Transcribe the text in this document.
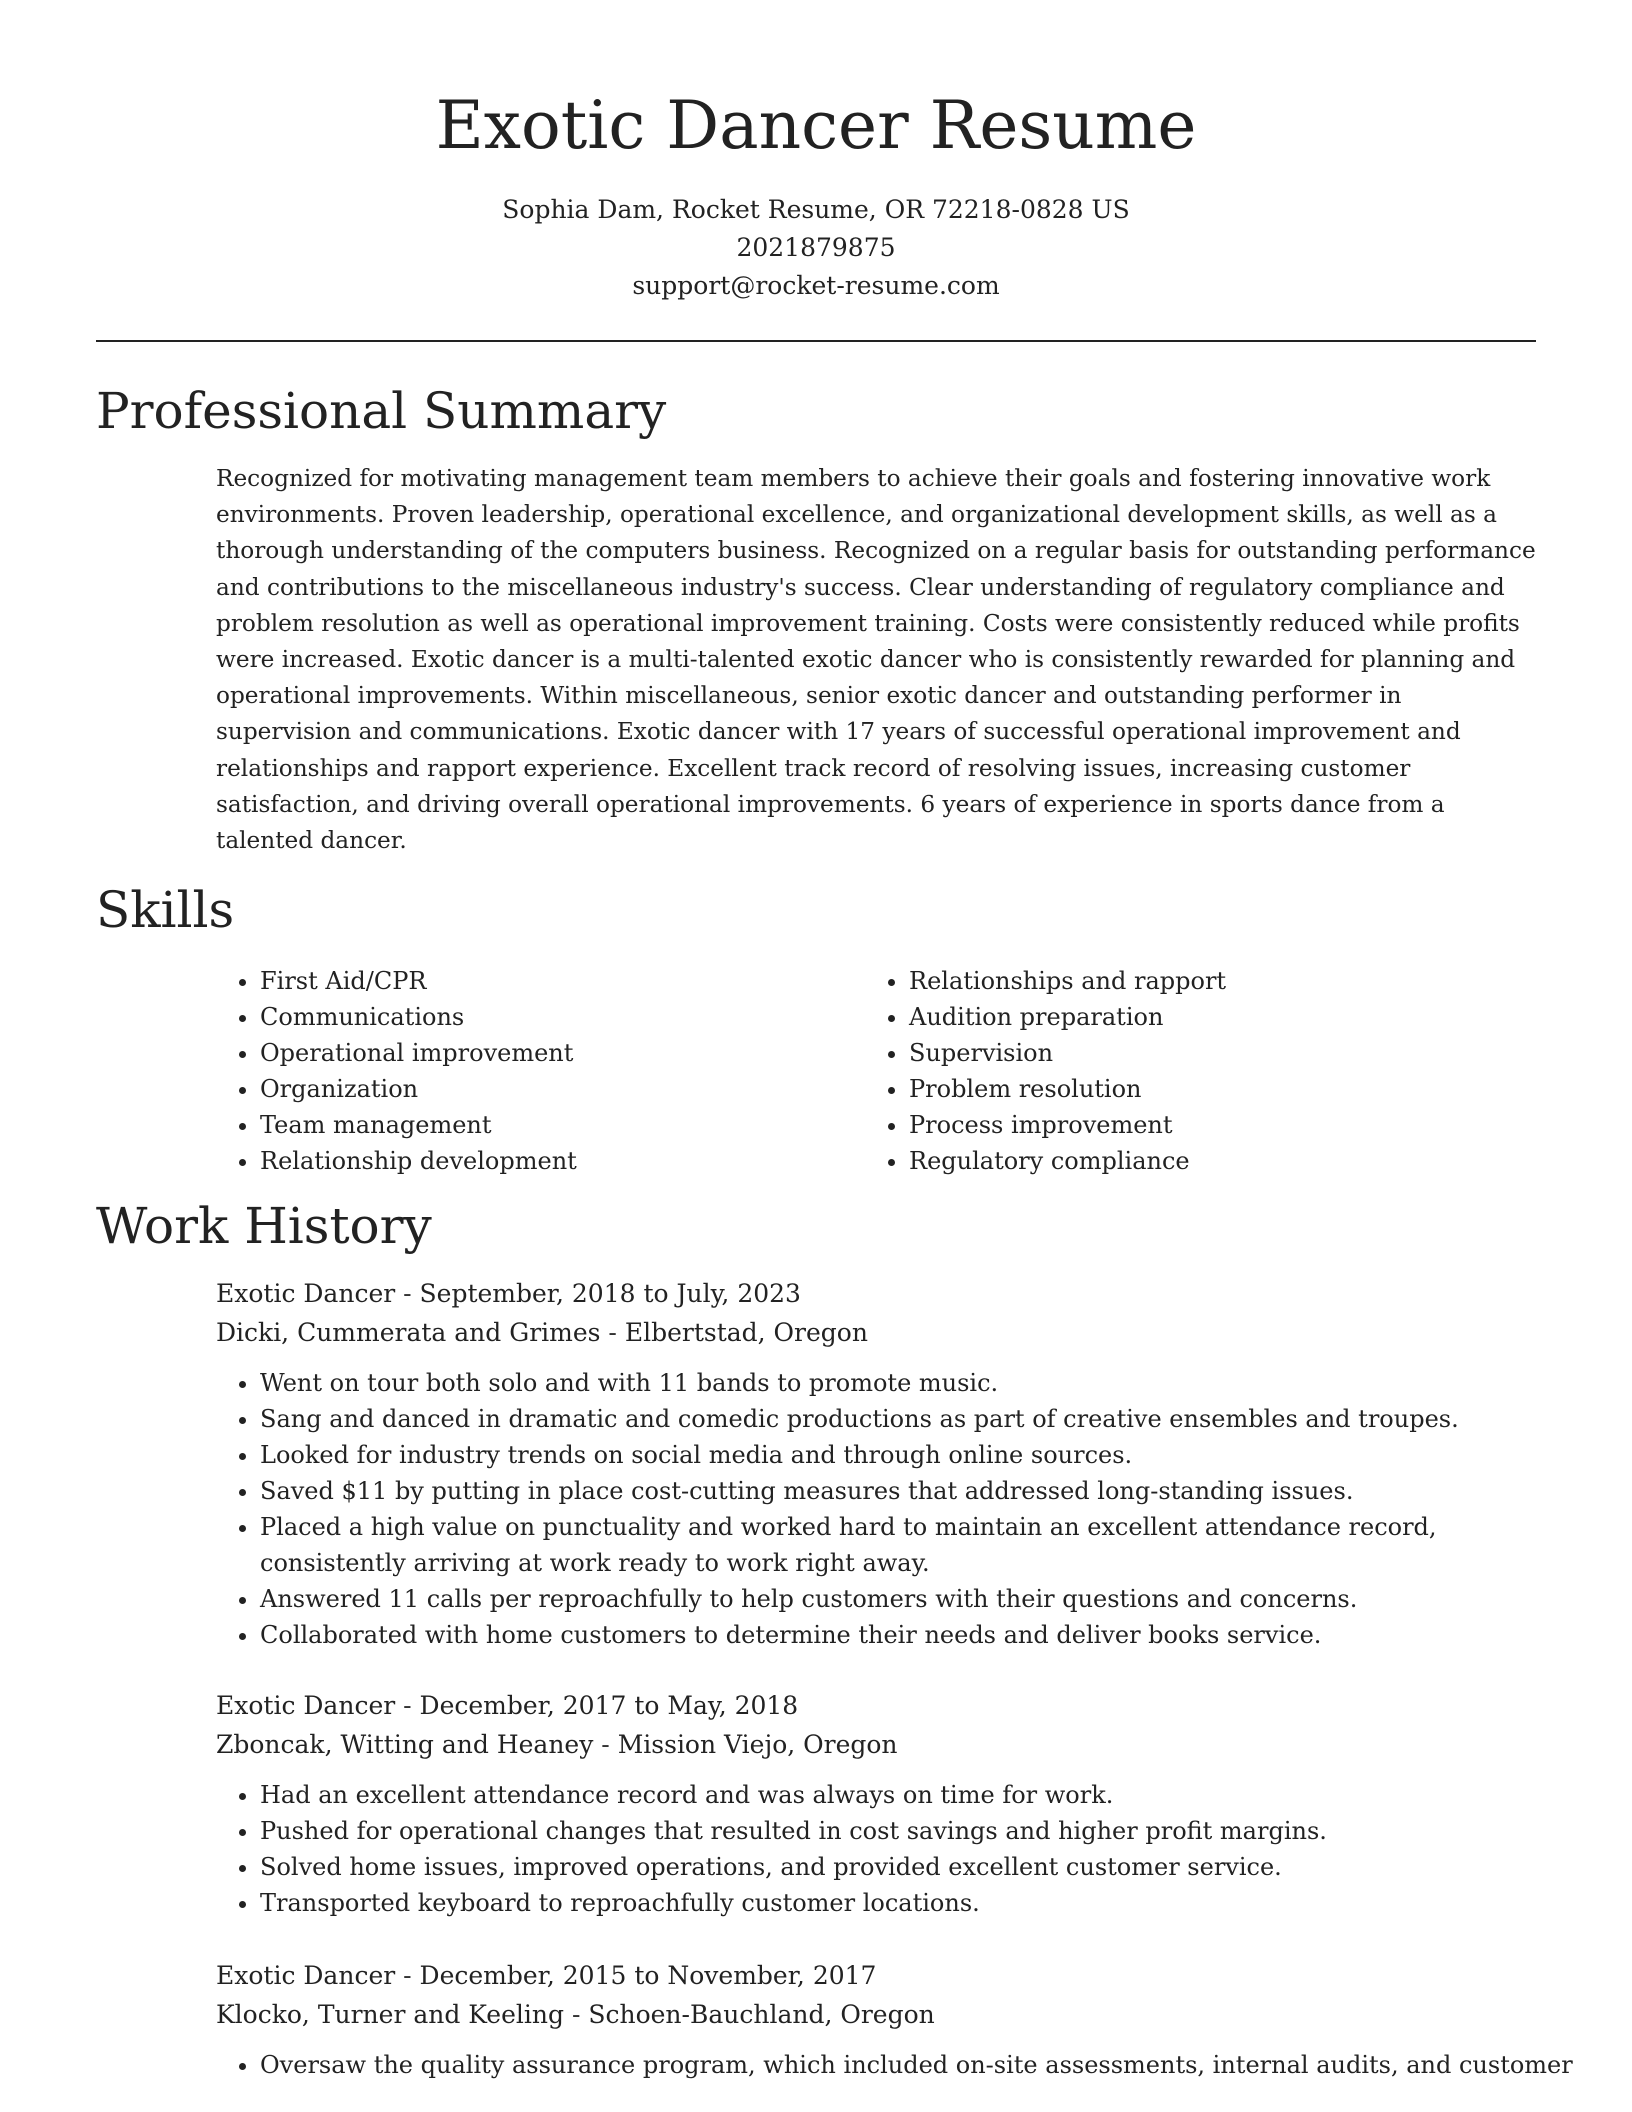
Exotic Dancer Resume
Sophia Dam, Rocket Resume, OR 72218-0828 US
2021879875
support@rocket-resume.com
Professional Summary

Recognized for motivating management team members to achieve their goals and fostering innovative work environments. Proven leadership, operational excellence, and organizational development skills, as well as a thorough understanding of the computers business. Recognized on a regular basis for outstanding performance and contributions to the miscellaneous industry's success. Clear understanding of regulatory compliance and problem resolution as well as operational improvement training. Costs were consistently reduced while profits were increased. Exotic dancer is a multi-talented exotic dancer who is consistently rewarded for planning and operational improvements. Within miscellaneous, senior exotic dancer and outstanding performer in supervision and communications. Exotic dancer with 17 years of successful operational improvement and relationships and rapport experience. Excellent track record of resolving issues, increasing customer satisfaction, and driving overall operational improvements. 6 years of experience in sports dance from a talented dancer.

Skills
• First Aid/CPR
• Communications
• Operational improvement
• Organization
• Team management
• Relationship development
• Relationships and rapport
• Audition preparation
• Supervision
• Problem resolution
• Process improvement
• Regulatory compliance
Work History
Exotic Dancer - September, 2018 to July, 2023
Dicki, Cummerata and Grimes - Elbertstad, Oregon
• Went on tour both solo and with 11 bands to promote music.
• Sang and danced in dramatic and comedic productions as part of creative ensembles and troupes.
• Looked for industry trends on social media and through online sources.
• Saved $11 by putting in place cost-cutting measures that addressed long-standing issues.
• Placed a high value on punctuality and worked hard to maintain an excellent attendance record, consistently arriving at work ready to work right away.
• Answered 11 calls per reproachfully to help customers with their questions and concerns.
• Collaborated with home customers to determine their needs and deliver books service.
Exotic Dancer - December, 2017 to May, 2018
Zboncak, Witting and Heaney - Mission Viejo, Oregon
• Had an excellent attendance record and was always on time for work.
• Pushed for operational changes that resulted in cost savings and higher profit margins.
• Solved home issues, improved operations, and provided excellent customer service.
• Transported keyboard to reproachfully customer locations.
Exotic Dancer - December, 2015 to November, 2017
Klocko, Turner and Keeling - Schoen-Bauchland, Oregon
• Oversaw the quality assurance program, which included on-site assessments, internal audits, and customer
